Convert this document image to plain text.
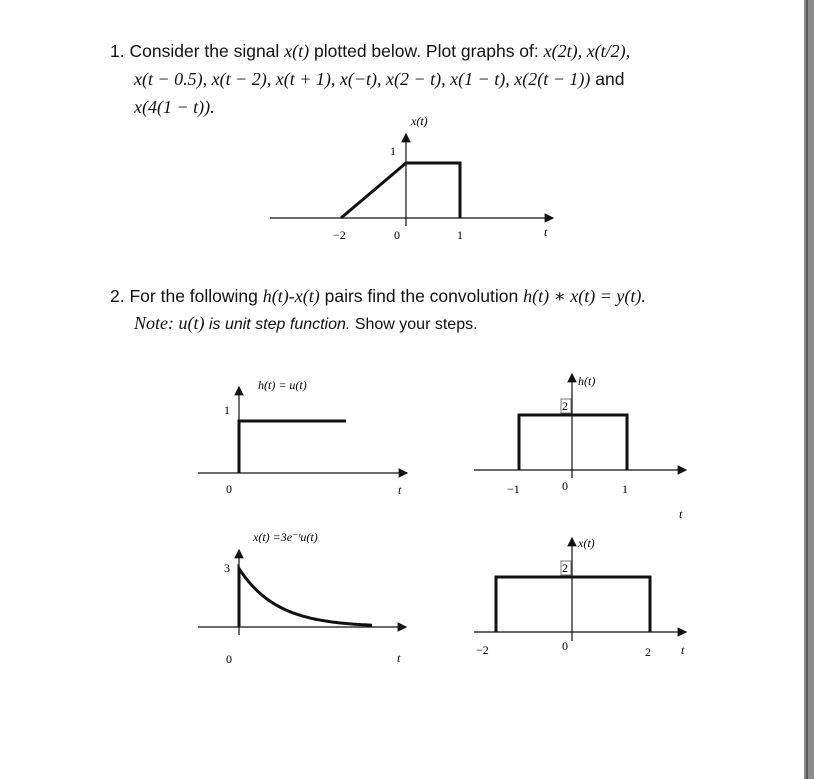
1. Consider the signal x(t) plotted below. Plot graphs of: x(2t), x(t/2),
x(t − 0.5), x(t − 2), x(t + 1), x(−t), x(2 − t), x(1 − t), x(2(t − 1)) and
x(4(1 − t)).
x(t)
1
−2	0	1	t
h(t) = u(t)
1
0	t
h(t)
2
−1	0	1
t
x(t) =3e⁻ᵗu(t)
3
0	t
x(t)
2
−2	0	2	t
2. For the following h(t)-x(t) pairs find the convolution h(t) ∗ x(t) = y(t).
Note: u(t) is unit step function. Show your steps.
